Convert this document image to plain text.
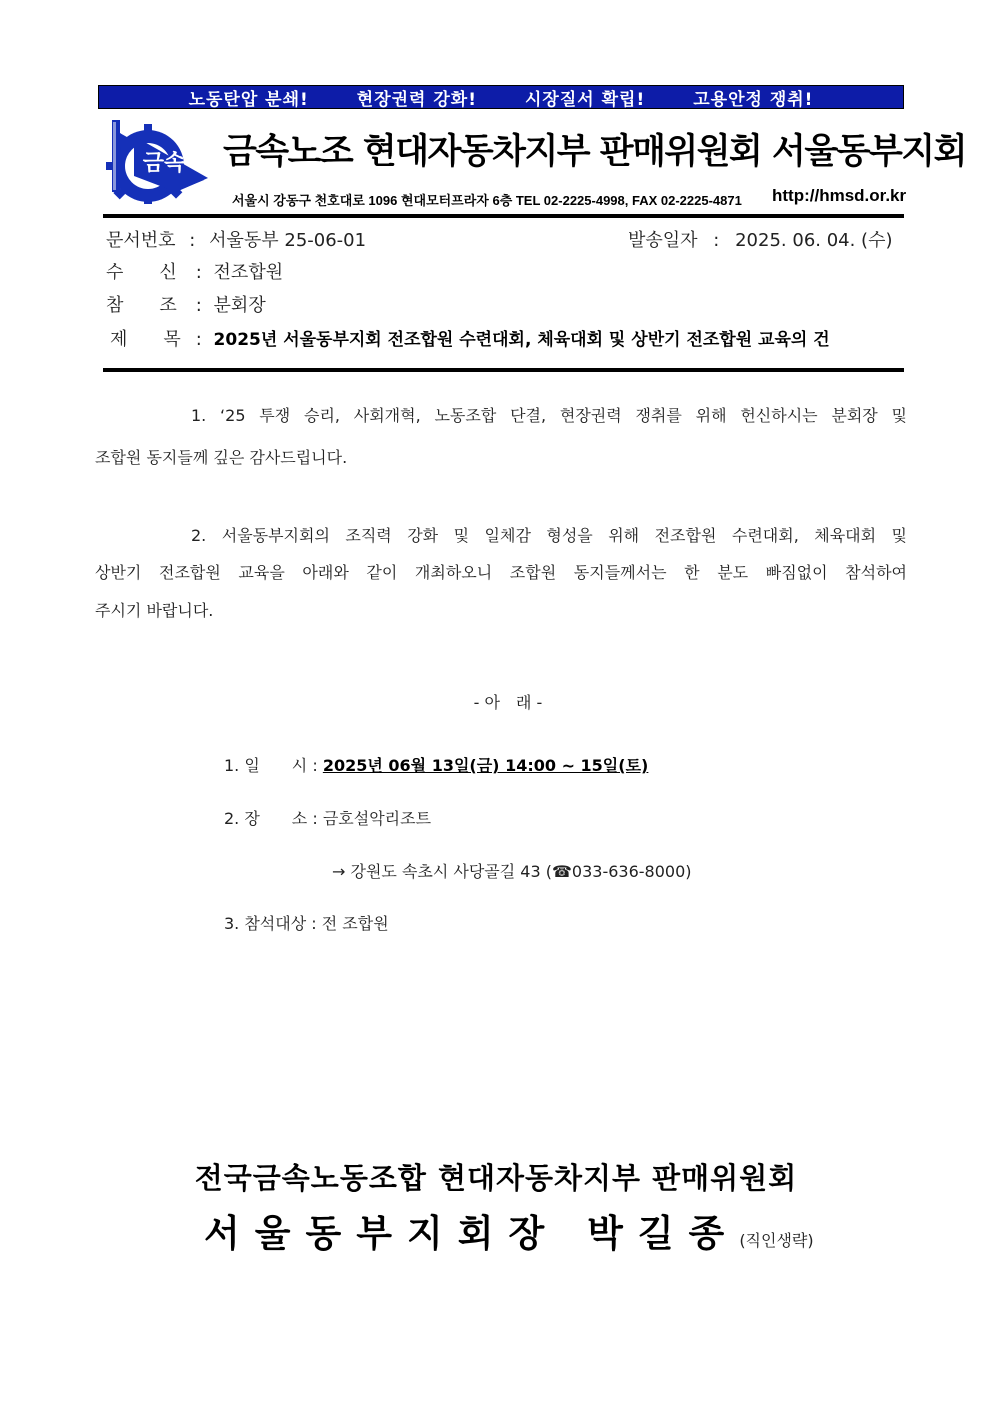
노동탄압 분쇄!	현장권력 강화!	시장질서 확립!	고용안정 쟁취!
금속 금속노조 현대자동차지부 판매위원회 서울동부지회
서울시 강동구 천호대로 1096 현대모터프라자 6층 TEL 02-2225-4998, FAX 02-2225-4871 http://hmsd.or.kr
문서번호 : 서울동부 25-06-01	발송일자 : 2025. 06. 04. (수)
수　　신 : 전조합원
참　　조 : 분회장
제　　목 : 2025년 서울동부지회 전조합원 수련대회, 체육대회 및 상반기 전조합원 교육의 건
1. ‘25 투쟁 승리, 사회개혁, 노동조합 단결, 현장권력 쟁취를 위해 헌신하시는 분회장 및
조합원 동지들께 깊은 감사드립니다.
2. 서울동부지회의 조직력 강화 및 일체감 형성을 위해 전조합원 수련대회, 체육대회 및
상반기 전조합원 교육을 아래와 같이 개최하오니 조합원 동지들께서는 한 분도 빠짐없이 참석하여
주시기 바랍니다.
- 아　래 -
1. 일　　시 : 2025년 06월 13일(금) 14:00 ~ 15일(토)
2. 장　　소 : 금호설악리조트
→ 강원도 속초시 사당골길 43 (☎033-636-8000)
3. 참석대상 : 전 조합원
전국금속노동조합 현대자동차지부 판매위원회
서울동부지회장 박길종(직인생략)
